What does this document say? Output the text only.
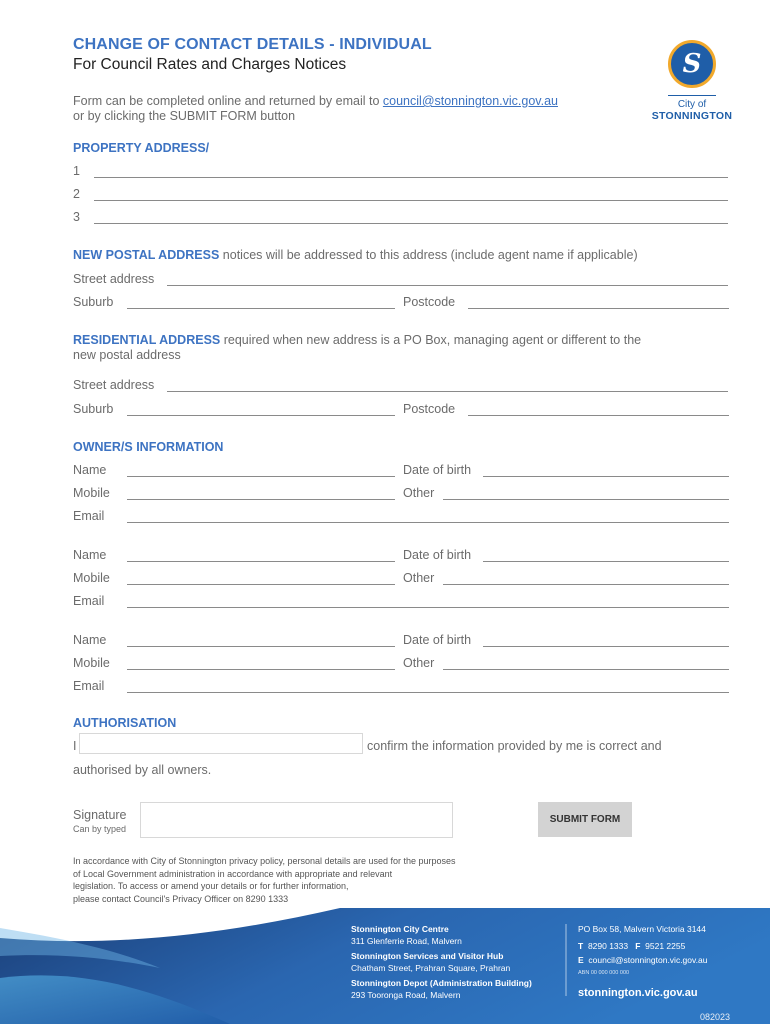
CHANGE OF CONTACT DETAILS - INDIVIDUAL
For Council Rates and Charges Notices
Form can be completed online and returned by email to council@stonnington.vic.gov.au
or by clicking the SUBMIT FORM button
S
City of
STONNINGTON
PROPERTY ADDRESS/
1
2
3
NEW POSTAL ADDRESS notices will be addressed to this address (include agent name if applicable)
Street address
Suburb	Postcode
RESIDENTIAL ADDRESS required when new address is a PO Box, managing agent or different to the
new postal address
Street address
Suburb	Postcode
OWNER/S INFORMATION
Name	Date of birth
Mobile	Other
Email
Name	Date of birth
Mobile	Other
Email
Name	Date of birth
Mobile	Other
Email
AUTHORISATION
I	confirm the information provided by me is correct and
authorised by all owners.
Signature
Can by typed
SUBMIT FORM
In accordance with City of Stonnington privacy policy, personal details are used for the purposes
of Local Government administration in accordance with appropriate and relevant
legislation. To access or amend your details or for further information,
please contact Council's Privacy Officer on 8290 1333
Stonnington City Centre
311 Glenferrie Road, Malvern
Stonnington Services and Visitor Hub
Chatham Street, Prahran Square, Prahran
Stonnington Depot (Administration Building)
293 Tooronga Road, Malvern
PO Box 58, Malvern Victoria 3144
T 8290 1333 F 9521 2255
E council@stonnington.vic.gov.au
ABN 00 000 000 000
stonnington.vic.gov.au
082023
